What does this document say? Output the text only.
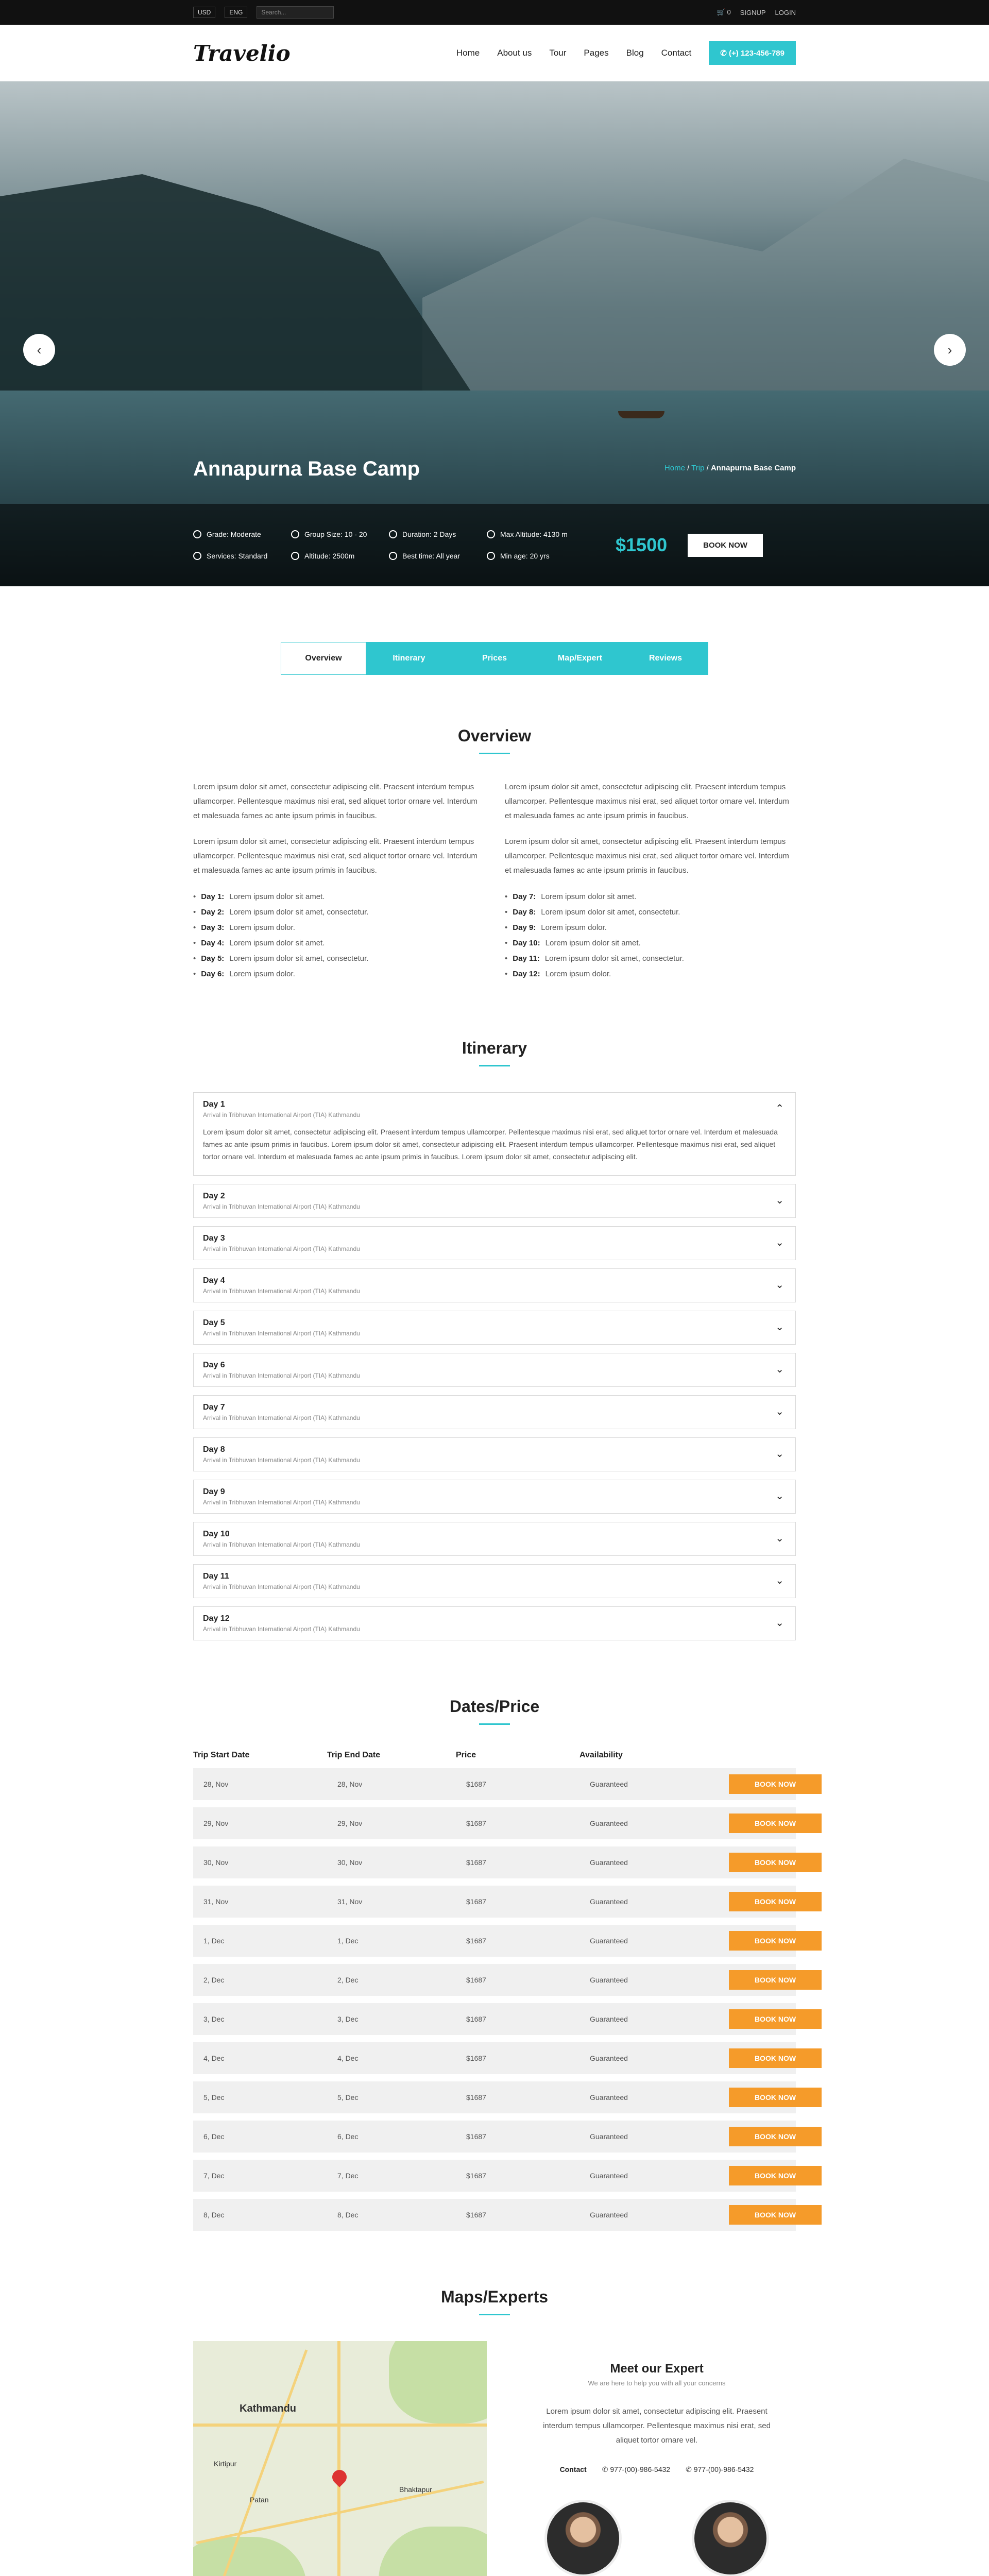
USD	ENG	Search...	🛒 0 SIGNUP LOGIN
Travelio	Home About us Tour Pages Blog Contact	✆ (+) 123-456-789
‹	›
Annapurna Base Camp	Home / Trip / Annapurna Base Camp
Grade: Moderate	Group Size: 10 - 20	Duration: 2 Days	Max Altitude: 4130 m
Services: Standard	Altitude: 2500m	Best time: All year	Min age: 20 yrs
$1500	BOOK NOW
Overview	Itinerary	Prices	Map/Expert	Reviews
Overview

Lorem ipsum dolor sit amet, consectetur adipiscing elit. Praesent interdum tempus ullamcorper. Pellentesque maximus nisi erat, sed aliquet tortor ornare vel. Interdum et malesuada fames ac ante ipsum primis in faucibus.

Lorem ipsum dolor sit amet, consectetur adipiscing elit. Praesent interdum tempus ullamcorper. Pellentesque maximus nisi erat, sed aliquet tortor ornare vel. Interdum et malesuada fames ac ante ipsum primis in faucibus.

• Day 1: Lorem ipsum dolor sit amet.
• Day 2: Lorem ipsum dolor sit amet, consectetur.
• Day 3: Lorem ipsum dolor.
• Day 4: Lorem ipsum dolor sit amet.
• Day 5: Lorem ipsum dolor sit amet, consectetur.
• Day 6: Lorem ipsum dolor.

Lorem ipsum dolor sit amet, consectetur adipiscing elit. Praesent interdum tempus ullamcorper. Pellentesque maximus nisi erat, sed aliquet tortor ornare vel. Interdum et malesuada fames ac ante ipsum primis in faucibus.

Lorem ipsum dolor sit amet, consectetur adipiscing elit. Praesent interdum tempus ullamcorper. Pellentesque maximus nisi erat, sed aliquet tortor ornare vel. Interdum et malesuada fames ac ante ipsum primis in faucibus.

• Day 7: Lorem ipsum dolor sit amet.
• Day 8: Lorem ipsum dolor sit amet, consectetur.
• Day 9: Lorem ipsum dolor.
• Day 10: Lorem ipsum dolor sit amet.
• Day 11: Lorem ipsum dolor sit amet, consectetur.
• Day 12: Lorem ipsum dolor.
Itinerary
Day 1
Arrival in Tribhuvan International Airport (TIA) Kathmandu
⌃
Lorem ipsum dolor sit amet, consectetur adipiscing elit. Praesent interdum tempus ullamcorper. Pellentesque maximus nisi erat, sed aliquet tortor ornare vel. Interdum et malesuada fames ac ante ipsum primis in faucibus. Lorem ipsum dolor sit amet, consectetur adipiscing elit. Praesent interdum tempus ullamcorper. Pellentesque maximus nisi erat, sed aliquet tortor ornare vel. Interdum et malesuada fames ac ante ipsum primis in faucibus. Lorem ipsum dolor sit amet, consectetur adipiscing elit.
Day 2
Arrival in Tribhuvan International Airport (TIA) Kathmandu
⌄
Day 3
Arrival in Tribhuvan International Airport (TIA) Kathmandu
⌄
Day 4
Arrival in Tribhuvan International Airport (TIA) Kathmandu
⌄
Day 5
Arrival in Tribhuvan International Airport (TIA) Kathmandu
⌄
Day 6
Arrival in Tribhuvan International Airport (TIA) Kathmandu
⌄
Day 7
Arrival in Tribhuvan International Airport (TIA) Kathmandu
⌄
Day 8
Arrival in Tribhuvan International Airport (TIA) Kathmandu
⌄
Day 9
Arrival in Tribhuvan International Airport (TIA) Kathmandu
⌄
Day 10
Arrival in Tribhuvan International Airport (TIA) Kathmandu
⌄
Day 11
Arrival in Tribhuvan International Airport (TIA) Kathmandu
⌄
Day 12
Arrival in Tribhuvan International Airport (TIA) Kathmandu
⌄
Dates/Price
Trip Start Date	Trip End Date	Price	Availability
28, Nov	28, Nov	$1687	Guaranteed	BOOK NOW
29, Nov	29, Nov	$1687	Guaranteed	BOOK NOW
30, Nov	30, Nov	$1687	Guaranteed	BOOK NOW
31, Nov	31, Nov	$1687	Guaranteed	BOOK NOW
1, Dec	1, Dec	$1687	Guaranteed	BOOK NOW
2, Dec	2, Dec	$1687	Guaranteed	BOOK NOW
3, Dec	3, Dec	$1687	Guaranteed	BOOK NOW
4, Dec	4, Dec	$1687	Guaranteed	BOOK NOW
5, Dec	5, Dec	$1687	Guaranteed	BOOK NOW
6, Dec	6, Dec	$1687	Guaranteed	BOOK NOW
7, Dec	7, Dec	$1687	Guaranteed	BOOK NOW
8, Dec	8, Dec	$1687	Guaranteed	BOOK NOW
Maps/Experts
Kathmandu
Patan
Bhaktapur
Kirtipur
Meet our Expert
We are here to help you with all your concerns
Lorem ipsum dolor sit amet, consectetur adipiscing elit. Praesent interdum tempus ullamcorper. Pellentesque maximus nisi erat, sed aliquet tortor ornare vel.
Contact ✆ 977-(00)-986-5432 ✆ 977-(00)-986-5432
